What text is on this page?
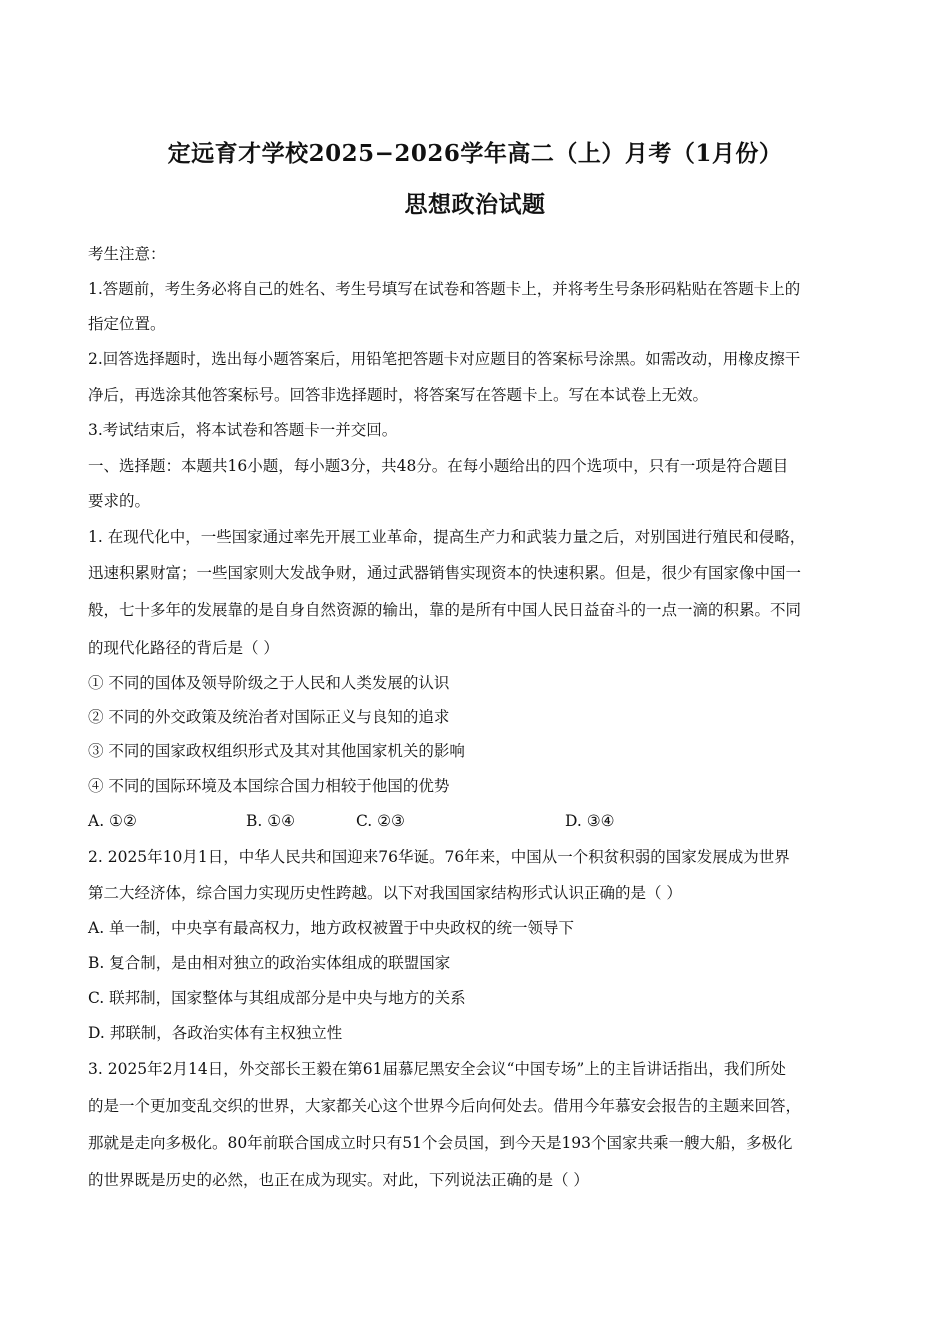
定远育才学校2025−2026学年高二（上）月考（1月份）
思想政治试题
考生注意：
1.答题前，考生务必将自己的姓名、考生号填写在试卷和答题卡上，并将考生号条形码粘贴在答题卡上的
指定位置。
2.回答选择题时，选出每小题答案后，用铅笔把答题卡对应题目的答案标号涂黑。如需改动，用橡皮擦干
净后，再选涂其他答案标号。回答非选择题时，将答案写在答题卡上。写在本试卷上无效。
3.考试结束后，将本试卷和答题卡一并交回。
一、选择题：本题共16小题，每小题3分，共48分。在每小题给出的四个选项中，只有一项是符合题目
要求的。
1. 在现代化中，一些国家通过率先开展工业革命，提高生产力和武装力量之后，对别国进行殖民和侵略，
迅速积累财富；一些国家则大发战争财，通过武器销售实现资本的快速积累。但是，很少有国家像中国一
般，七十多年的发展靠的是自身自然资源的输出，靠的是所有中国人民日益奋斗的一点一滴的积累。不同
的现代化路径的背后是（ ）
① 不同的国体及领导阶级之于人民和人类发展的认识
② 不同的外交政策及统治者对国际正义与良知的追求
③ 不同的国家政权组织形式及其对其他国家机关的影响
④ 不同的国际环境及本国综合国力相较于他国的优势
A. ①②	B. ①④	C. ②③	D. ③④
2. 2025年10月1日，中华人民共和国迎来76华诞。76年来，中国从一个积贫积弱的国家发展成为世界
第二大经济体，综合国力实现历史性跨越。以下对我国国家结构形式认识正确的是（ ）
A. 单一制，中央享有最高权力，地方政权被置于中央政权的统一领导下
B. 复合制，是由相对独立的政治实体组成的联盟国家
C. 联邦制，国家整体与其组成部分是中央与地方的关系
D. 邦联制，各政治实体有主权独立性
3. 2025年2月14日，外交部长王毅在第61届慕尼黑安全会议“中国专场”上的主旨讲话指出，我们所处
的是一个更加变乱交织的世界，大家都关心这个世界今后向何处去。借用今年慕安会报告的主题来回答，
那就是走向多极化。80年前联合国成立时只有51个会员国，到今天是193个国家共乘一艘大船，多极化
的世界既是历史的必然，也正在成为现实。对此，下列说法正确的是（ ）
